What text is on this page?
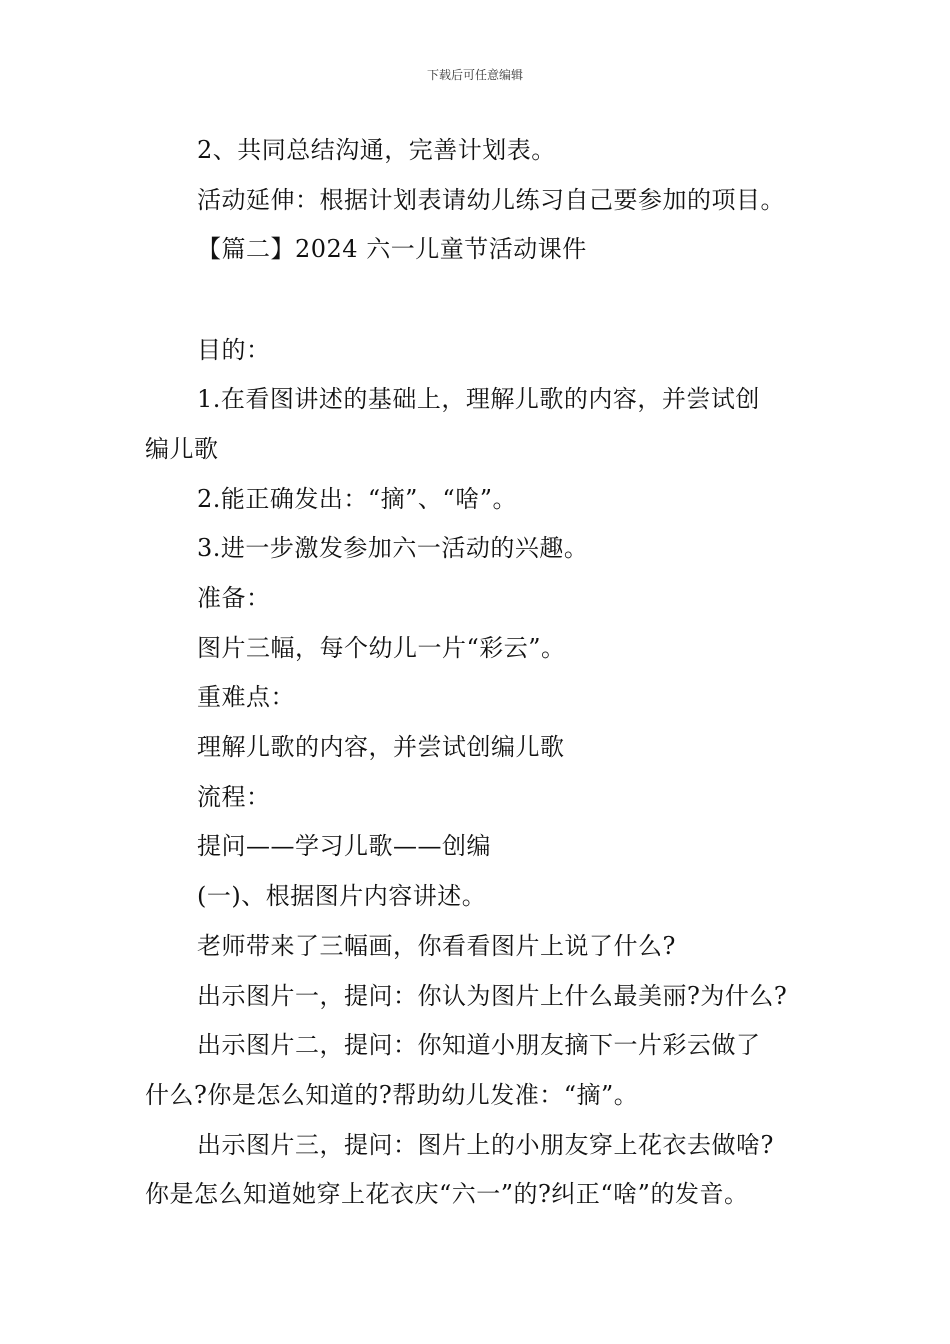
下载后可任意编辑
2、共同总结沟通，完善计划表。
活动延伸：根据计划表请幼儿练习自己要参加的项目。
【篇二】2024 六一儿童节活动课件
目的：
1.在看图讲述的基础上，理解儿歌的内容，并尝试创
编儿歌
2.能正确发出：“摘”、“啥”。
3.进一步激发参加六一活动的兴趣。
准备：
图片三幅，每个幼儿一片“彩云”。
重难点：
理解儿歌的内容，并尝试创编儿歌
流程：
提问——学习儿歌——创编
(一)、根据图片内容讲述。
老师带来了三幅画，你看看图片上说了什么?
出示图片一，提问：你认为图片上什么最美丽?为什么?
出示图片二，提问：你知道小朋友摘下一片彩云做了
什么?你是怎么知道的?帮助幼儿发准：“摘”。
出示图片三，提问：图片上的小朋友穿上花衣去做啥?
你是怎么知道她穿上花衣庆“六一”的?纠正“啥”的发音。
